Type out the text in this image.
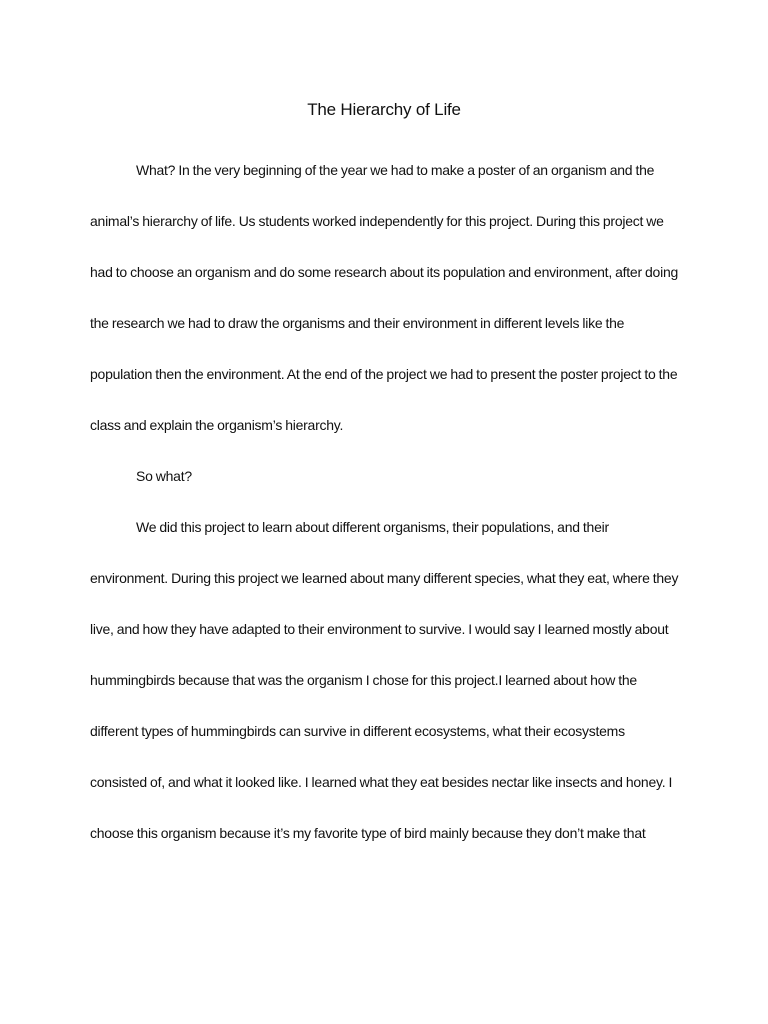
The Hierarchy of Life
What? In the very beginning of the year we had to make a poster of an organism and the
animal’s hierarchy of life. Us students worked independently for this project. During this project we
had to choose an organism and do some research about its population and environment, after doing
the research we had to draw the organisms and their environment in different levels like the
population then the environment. At the end of the project we had to present the poster project to the
class and explain the organism’s hierarchy.
So what?
We did this project to learn about different organisms, their populations, and their
environment. During this project we learned about many different species, what they eat, where they
live, and how they have adapted to their environment to survive. I would say I learned mostly about
hummingbirds because that was the organism I chose for this project.I learned about how the
different types of hummingbirds can survive in different ecosystems, what their ecosystems
consisted of, and what it looked like. I learned what they eat besides nectar like insects and honey. I
choose this organism because it’s my favorite type of bird mainly because they don’t make that
